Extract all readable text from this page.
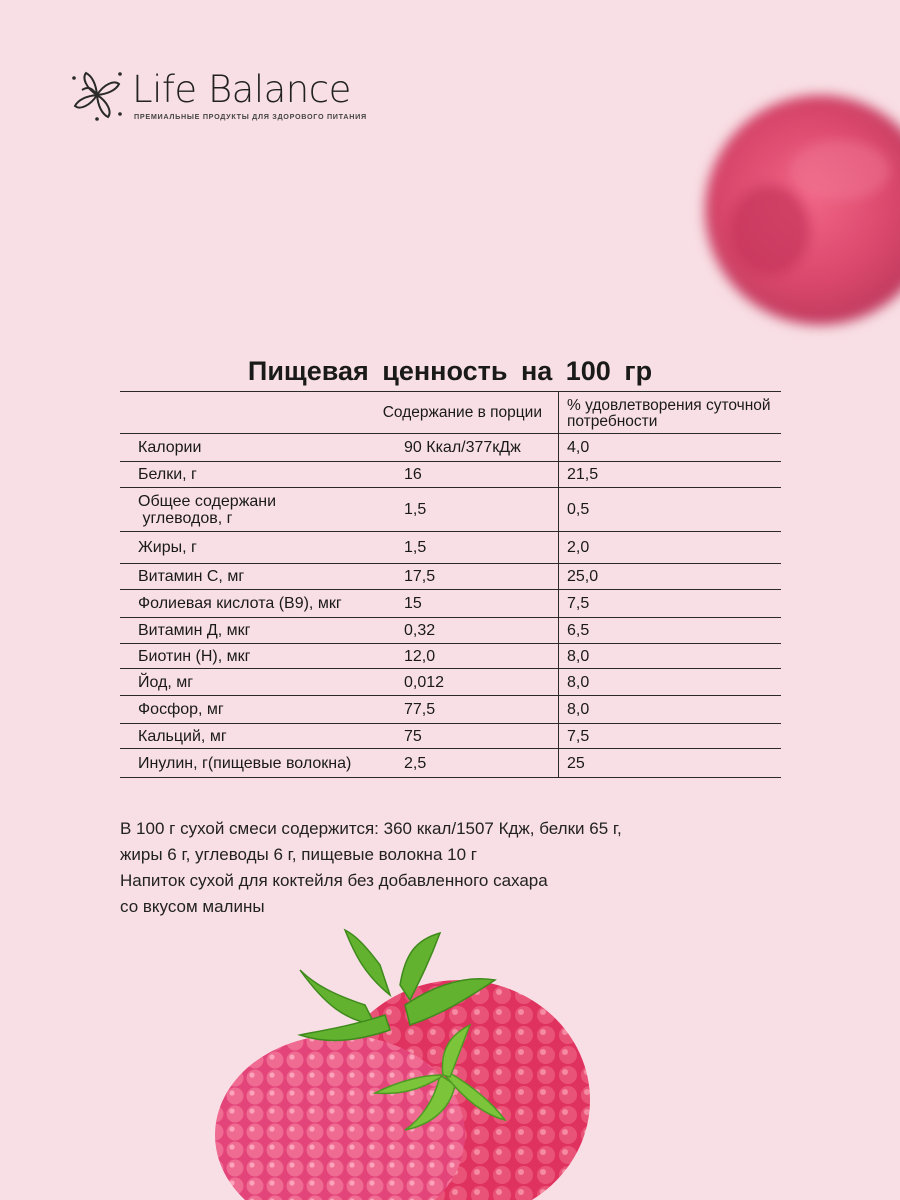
Life Balance
ПРЕМИАЛЬНЫЕ ПРОДУКТЫ ДЛЯ ЗДОРОВОГО ПИТАНИЯ
Пищевая ценность на 100 гр
	Содержание в порции	% удовлетворения суточной
потребности

Калории	90 Ккал/377кДж	4,0
Белки, г	16	21,5

Общее содержани
углеводов, г	1,5	0,5
Жиры, г	1,5	2,0
Витамин С, мг	17,5	25,0
Фолиевая кислота (В9), мкг	15	7,5
Витамин Д, мкг	0,32	6,5
Биотин (Н), мкг	12,0	8,0
Йод, мг	0,012	8,0
Фосфор, мг	77,5	8,0
Кальций, мг	75	7,5
Инулин, г(пищевые волокна)	2,5	25
В 100 г сухой смеси содержится: 360 ккал/1507 Кдж, белки 65 г,
жиры 6 г, углеводы 6 г, пищевые волокна 10 г
Напиток сухой для коктейля без добавленного сахара
со вкусом малины
